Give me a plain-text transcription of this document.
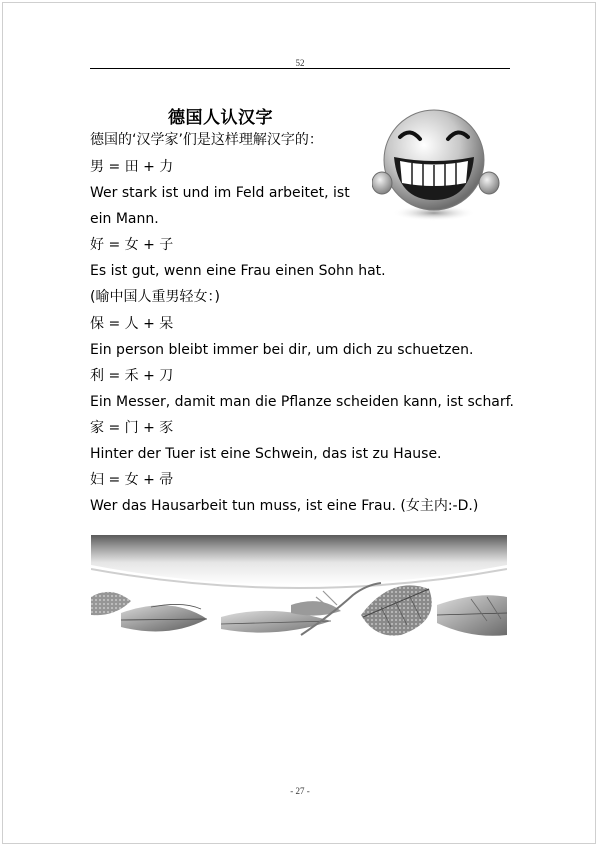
52
德国人认汉字
德国的‘汉学家’们是这样理解汉字的：
男 = 田 + 力
Wer stark ist und im Feld arbeitet, ist
ein Mann.
好 = 女 + 子
Es ist gut, wenn eine Frau einen Sohn hat.
(喻中国人重男轻女：)
保 = 人 + 呆
Ein person bleibt immer bei dir, um dich zu schuetzen.
利 = 禾 + 刀
Ein Messer, damit man die Pflanze scheiden kann, ist scharf.
家 = 门 + 豕
Hinter der Tuer ist eine Schwein, das ist zu Hause.
妇 = 女 + 帚
Wer das Hausarbeit tun muss, ist eine Frau. (女主内:-D.)
- 27 -
